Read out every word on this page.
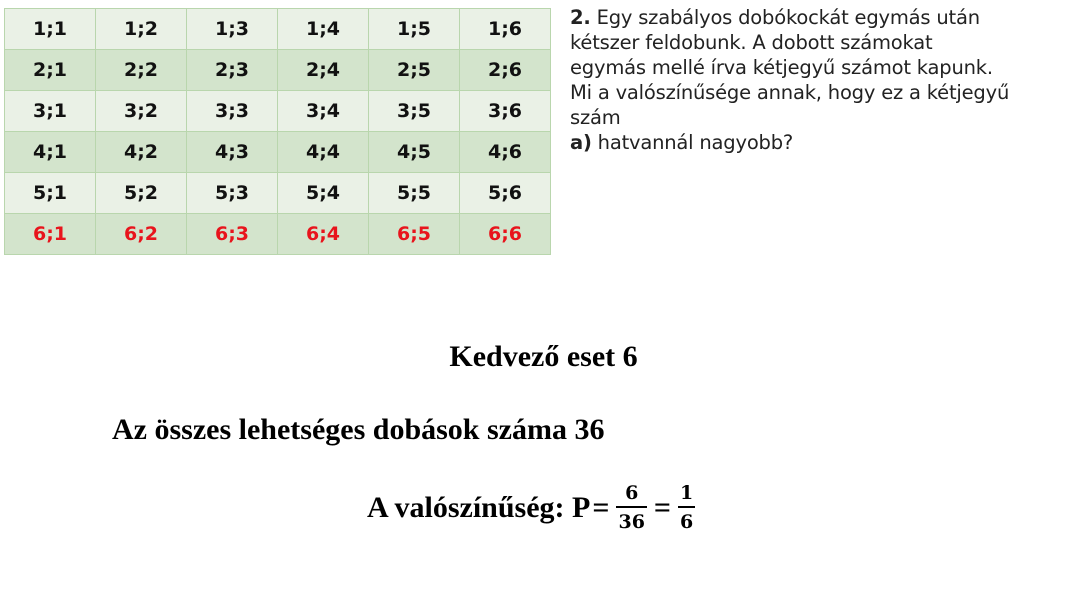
1;1	1;2	1;3	1;4	1;5	1;6
2;1	2;2	2;3	2;4	2;5	2;6
3;1	3;2	3;3	3;4	3;5	3;6
4;1	4;2	4;3	4;4	4;5	4;6
5;1	5;2	5;3	5;4	5;5	5;6
6;1	6;2	6;3	6;4	6;5	6;6
2. Egy szabályos dobókockát egymás után
kétszer feldobunk. A dobott számokat
egymás mellé írva kétjegyű számot kapunk.
Mi a valószínűsége annak, hogy ez a kétjegyű
szám
a) hatvannál nagyobb?
Kedvező eset 6
Az összes lehetséges dobások száma 36
A valószínűség: $P = \frac{6}{36} = \frac{1}{6}$
